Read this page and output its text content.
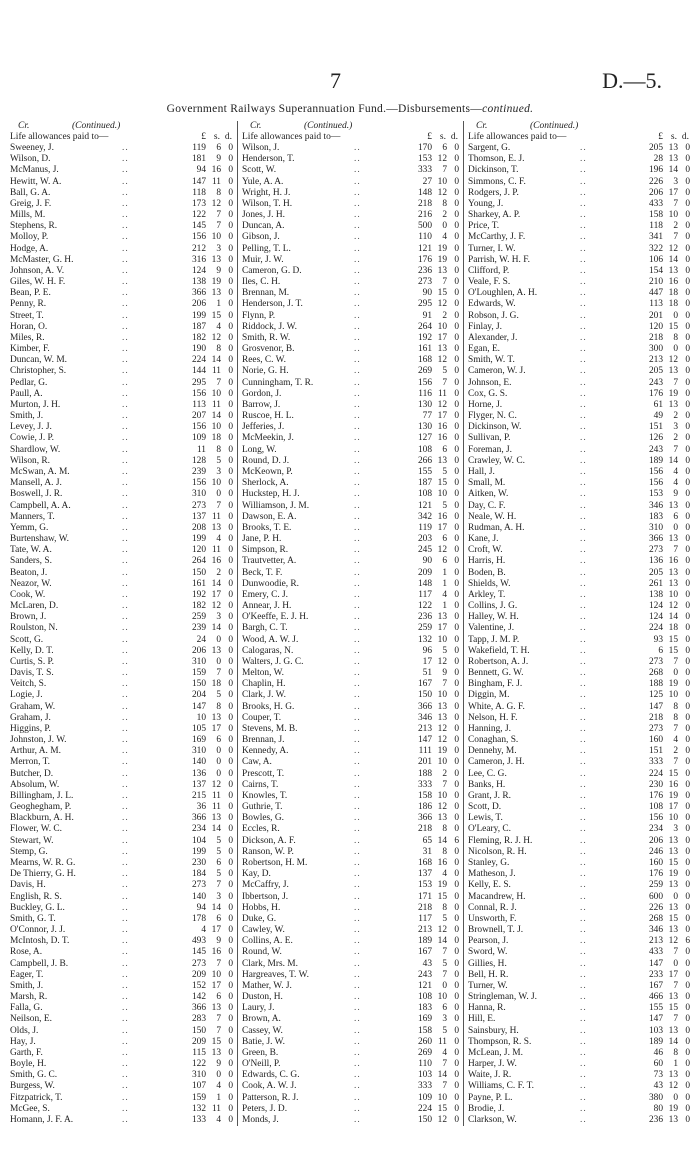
7	D.—5.
Government Railways Superannuation Fund.—Disbursements—continued.
Cr.	(Continued.)
Life allowances paid to—	£ s. d.
Sweeney, J.	119	6 0
..
Wilson, D.	181	9 0
..
McManus, J.	94 16 0
..
Hewitt, W. A.	147 11 0
..
Ball, G. A.	118	8 0
..
Greig, J. F.	173 12 0
..
Mills, M.	122	7 0
..
Stephens, R.	145	7 0
..
Molloy, P.	156 10 0
..
Hodge, A.	212	3 0
..
McMaster, G. H.	316 13 0
..
Johnson, A. V.	124	9 0
..
Giles, W. H. F.	138 19 0
..
Bean, P. E.	366 13 0
..
Penny, R.	206	1 0
..
Street, T.	199 15 0
..
Horan, O.	187	4 0
..
Miles, R.	182 12 0
..
Kimber, F.	190	8 0
..
Duncan, W. M.	224 14 0
..
Christopher, S.	144 11 0
..
Pedlar, G.	295	7 0
..
Paull, A.	156 10 0
..
Murton, J. H.	113 11 0
..
Smith, J.	207 14 0
..
Levey, J. J.	156 10 0
..
Cowie, J. P.	109 18 0
..
Shardlow, W.	11	8 0
..
Wilson, R.	128	5 0
..
McSwan, A. M.	239	3 0
..
Mansell, A. J.	156 10 0
..
Boswell, J. R.	310	0 0
..
Campbell, A. A.	273	7 0
..
Manners, T.	137 11 0
..
Yemm, G.	208 13 0
..
Burtenshaw, W.	199	4 0
..
Tate, W. A.	120 11 0
..
Sanders, S.	264 16 0
..
Beaton, J.	150	2 0
..
Neazor, W.	161 14 0
..
Cook, W.	192 17 0
..
McLaren, D.	182 12 0
..
Brown, J.	259	3 0
..
Roulston, N.	239 14 0
..
Scott, G.	24	0 0
..
Kelly, D. T.	206 13 0
..
Curtis, S. P.	310	0 0
..
Davis, T. S.	159	7 0
..
Veitch, S.	150 18 0
..
Logie, J.	204	5 0
..
Graham, W.	147	8 0
..
Graham, J.	10 13 0
..
Higgins, P.	105 17 0
..
Johnston, J. W.	169	6 0
..
Arthur, A. M.	310	0 0
..
Merron, T.	140	0 0
..
Butcher, D.	136	0 0
..
Absolum, W.	137 12 0
..
Billingham, J. L.	215 11 0
..
Geoghegham, P.	36 11 0
..
Blackburn, A. H.	366 13 0
..
Flower, W. C.	234 14 0
..
Stewart, W.	104	5 0
..
Stemp, G.	199	5 0
..
Mearns, W. R. G.	230	6 0
..
De Thierry, G. H.	184	5 0
..
Davis, H.	273	7 0
..
English, R. S.	140	3 0
..
Buckley, G. L.	94 14 0
..
Smith, G. T.	178	6 0
..
O'Connor, J. J.	4 17 0
..
McIntosh, D. T.	493	9 0
..
Rose, A.	145 16 0
..
Campbell, J. B.	273	7 0
..
Eager, T.	209 10 0
..
Smith, J.	152 17 0
..
Marsh, R.	142	6 0
..
Falla, G.	366 13 0
..
Neilson, E.	283	7 0
..
Olds, J.	150	7 0
..
Hay, J.	209 15 0
..
Garth, F.	115 13 0
..
Boyle, H.	122	9 0
..
Smith, G. C.	310	0 0
..
Burgess, W.	107	4 0
..
Fitzpatrick, T.	159	1 0
..
McGee, S.	132 11 0
..
Homann, J. F. A.	133	4 0
..
Cr.	(Continued.)
Life allowances paid to—	£ s. d.
Wilson, J.	170	6 0
..
Henderson, T.	153 12 0
..
Scott, W.	333	7 0
..
Yule, A. A.	27 10 0
..
Wright, H. J.	148 12 0
..
Wilson, T. H.	218	8 0
..
Jones, J. H.	216	2 0
..
Duncan, A.	500	0 0
..
Gibson, J.	110	4 0
..
Pelling, T. L.	121 19 0
..
Muir, J. W.	176 19 0
..
Cameron, G. D.	236 13 0
..
Iles, C. H.	273	7 0
..
Brennan, M.	90 15 0
..
Henderson, J. T.	295 12 0
..
Flynn, P.	91	2 0
..
Riddock, J. W.	264 10 0
..
Smith, R. W.	192 17 0
..
Grosvenor, B.	161 13 0
..
Rees, C. W.	168 12 0
..
Norie, G. H.	269	5 0
..
Cunningham, T. R.	156	7 0
..
Gordon, J.	116 11 0
..
Barrow, J.	130 12 0
..
Ruscoe, H. L.	77 17 0
..
Jefferies, J.	130 16 0
..
McMeekin, J.	127 16 0
..
Long, W.	108	6 0
..
Round, D. J.	266 13 0
..
McKeown, P.	155	5 0
..
Sherlock, A.	187 15 0
..
Huckstep, H. J.	108 10 0
..
Williamson, J. M.	121	5 0
..
Dawson, E. A.	342 16 0
..
Brooks, T. E.	119 17 0
..
Jane, P. H.	203	6 0
..
Simpson, R.	245 12 0
..
Trautvetter, A.	90	6 0
..
Beck, T. F.	209	1 0
..
Dunwoodie, R.	148	1 0
..
Emery, C. J.	117	4 0
..
Annear, J. H.	122	1 0
..
O'Keeffe, E. J. H.	236 13 0
..
Bargh, C. T.	259 17 0
..
Wood, A. W. J.	132 10 0
..
Calogaras, N.	96	5 0
..
Walters, J. G. C.	17 12 0
..
Melton, W.	51	9 0
..
Chaplin, H.	167	7 0
..
Clark, J. W.	150 10 0
..
Brooks, H. G.	366 13 0
..
Couper, T.	346 13 0
..
Stevens, M. B.	213 12 0
..
Brennan, J.	147 12 0
..
Kennedy, A.	111 19 0
..
Caw, A.	201 10 0
..
Prescott, T.	188	2 0
..
Cairns, T.	333	7 0
..
Knowles, T.	158 10 0
..
Guthrie, T.	186 12 0
..
Bowles, G.	366 13 0
..
Eccles, R.	218	8 0
..
Dickson, A. F.	65 14 6
..
Ranson, W. P.	31	8 0
..
Robertson, H. M.	168 16 0
..
Kay, D.	137	4 0
..
McCaffry, J.	153 19 0
..
Ibbertson, J.	171 15 0
..
Hobbs, H.	218	8 0
..
Duke, G.	117	5 0
..
Cawley, W.	213 12 0
..
Collins, A. E.	189 14 0
..
Round, W.	167	7 0
..
Clark, Mrs. M.	43	5 0
..
Hargreaves, T. W.	243	7 0
..
Mather, W. J.	121	0 0
..
Duston, H.	108 10 0
..
Laury, J.	183	6 0
..
Brown, A.	169	3 0
..
Cassey, W.	158	5 0
..
Batie, J. W.	260 11 0
..
Green, B.	269	4 0
..
O'Neill, P.	110	7 0
..
Edwards, C. G.	103 14 0
..
Cook, A. W. J.	333	7 0
..
Patterson, R. J.	109 10 0
..
Peters, J. D.	224 15 0
..
Monds, J.	150 12 0
..
Cr.	(Continued.)
Life allowances paid to—	£ s. d.
Sargent, G.	205 13 0
..
Thomson, E. J.	28 13 0
..
Dickinson, T.	196 14 0
..
Simmons, C. F.	226	3 0
..
Rodgers, J. P.	206 17 0
..
Young, J.	433	7 0
..
Sharkey, A. P.	158 10 0
..
Price, T.	118	2 0
..
McCarthy, J. F.	341	7 0
..
Turner, I. W.	322 12 0
..
Parrish, W. H. F.	106 14 0
..
Clifford, P.	154 13 0
..
Veale, F. S.	210 16 0
..
O'Loughlen, A. H.	447 18 0
..
Edwards, W.	113 18 0
..
Robson, J. G.	201	0 0
..
Finlay, J.	120 15 0
..
Alexander, J.	218	8 0
..
Egan, E.	300	0 0
..
Smith, W. T.	213 12 0
..
Cameron, W. J.	205 13 0
..
Johnson, E.	243	7 0
..
Cox, G. S.	176 19 0
..
Horne, J.	61 13 0
..
Flyger, N. C.	49	2 0
..
Dickinson, W.	151	3 0
..
Sullivan, P.	126	2 0
..
Foreman, J.	243	7 0
..
Crawley, W. C.	189 14 0
..
Hall, J.	156	4 0
..
Small, M.	156	4 0
..
Aitken, W.	153	9 0
..
Day, C. F.	346 13 0
..
Neale, W. H.	183	6 0
..
Rudman, A. H.	310	0 0
..
Kane, J.	366 13 0
..
Croft, W.	273	7 0
..
Harris, H.	136 16 0
..
Boden, B.	205 13 0
..
Shields, W.	261 13 0
..
Arkley, T.	138 10 0
..
Collins, J. G.	124 12 0
..
Halley, W. H.	124 14 0
..
Valentine, J.	224 18 0
..
Tapp, J. M. P.	93 15 0
..
Wakefield, T. H.	6 15 0
..
Robertson, A. J.	273	7 0
..
Bennett, G. W.	268	0 0
..
Bingham, F. J.	188 19 0
..
Diggin, M.	125 10 0
..
White, A. G. F.	147	8 0
..
Nelson, H. F.	218	8 0
..
Hanning, J.	273	7 0
..
Conaghan, S.	160	4 0
..
Dennehy, M.	151	2 0
..
Cameron, J. H.	333	7 0
..
Lee, C. G.	224 15 0
..
Banks, H.	230 16 0
..
Grant, J. R.	176 19 0
..
Scott, D.	108 17 0
..
Lewis, T.	156 10 0
..
O'Leary, C.	234	3 0
..
Fleming, R. J. H.	206 13 0
..
Nicolson, R. H.	246 13 0
..
Stanley, G.	160 15 0
..
Matheson, J.	176 19 0
..
Kelly, E. S.	259 13 0
..
Macandrew, H.	600	0 0
..
Connal, R. J.	226 13 0
..
Unsworth, F.	268 15 0
..
Brownell, T. J.	346 13 0
..
Pearson, J.	213 12 6
..
Sword, W.	433	7 0
..
Gillies, H.	147	0 0
..
Bell, H. R.	233 17 0
..
Turner, W.	167	7 0
..
Stringleman, W. J.	466 13 0
..
Hanna, R.	155 15 0
..
Hill, E.	147	7 0
..
Sainsbury, H.	103 13 0
..
Thompson, R. S.	189 14 0
..
McLean, J. M.	46	8 0
..
Harper, J. W.	60	1 0
..
Waite, J. R.	73 13 0
..
Williams, C. F. T.	43 12 0
..
Payne, P. L.	380	0 0
..
Brodie, J.	80 19 0
..
Clarkson, W.	236 13 0
..
